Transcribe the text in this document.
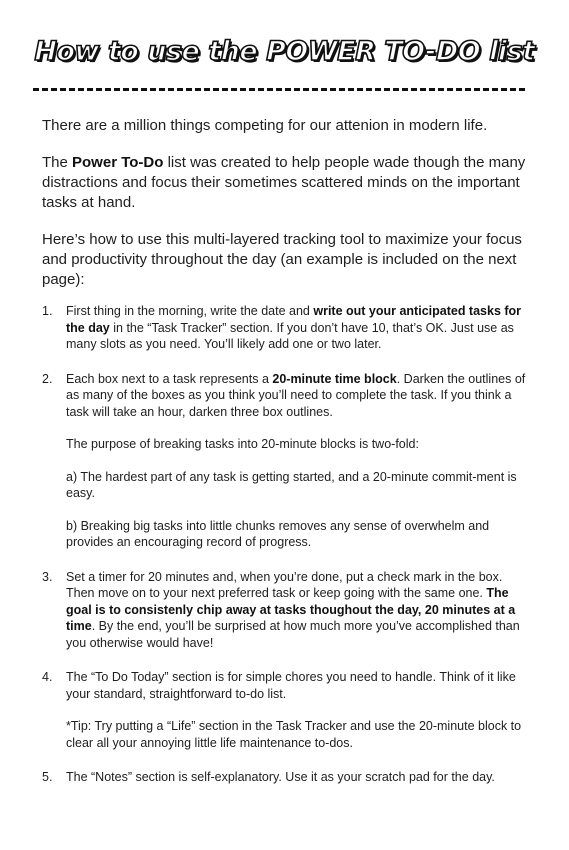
How to use the POWER TO-DO list
There are a million things competing for our attenion in modern life.
The Power To-Do list was created to help people wade though the many distractions and focus their sometimes scattered minds on the important tasks at hand.
Here’s how to use this multi-layered tracking tool to maximize your focus and productivity throughout the day (an example is included on the next page):
1. First thing in the morning, write the date and write out your anticipated tasks for the day in the “Task Tracker” section. If you don’t have 10, that’s OK. Just use as many slots as you need. You’ll likely add one or two later.

2. Each box next to a task represents a 20-minute time block. Darken the outlines of as many of the boxes as you think you’ll need to complete the task. If you think a task will take an hour, darken three box outlines.

The purpose of breaking tasks into 20-minute blocks is two-fold:

a) The hardest part of any task is getting started, and a 20-minute commit-ment is easy.

b) Breaking big tasks into little chunks removes any sense of overwhelm and provides an encouraging record of progress.

3. Set a timer for 20 minutes and, when you’re done, put a check mark in the box. Then move on to your next preferred task or keep going with the same one. The goal is to consistenly chip away at tasks thoughout the day, 20 minutes at a time. By the end, you’ll be surprised at how much more you’ve accomplished than you otherwise would have!

4. The “To Do Today” section is for simple chores you need to handle. Think of it like your standard, straightforward to-do list.

*Tip: Try putting a “Life” section in the Task Tracker and use the 20-minute block to clear all your annoying little life maintenance to-dos.

5. The “Notes” section is self-explanatory. Use it as your scratch pad for the day.
